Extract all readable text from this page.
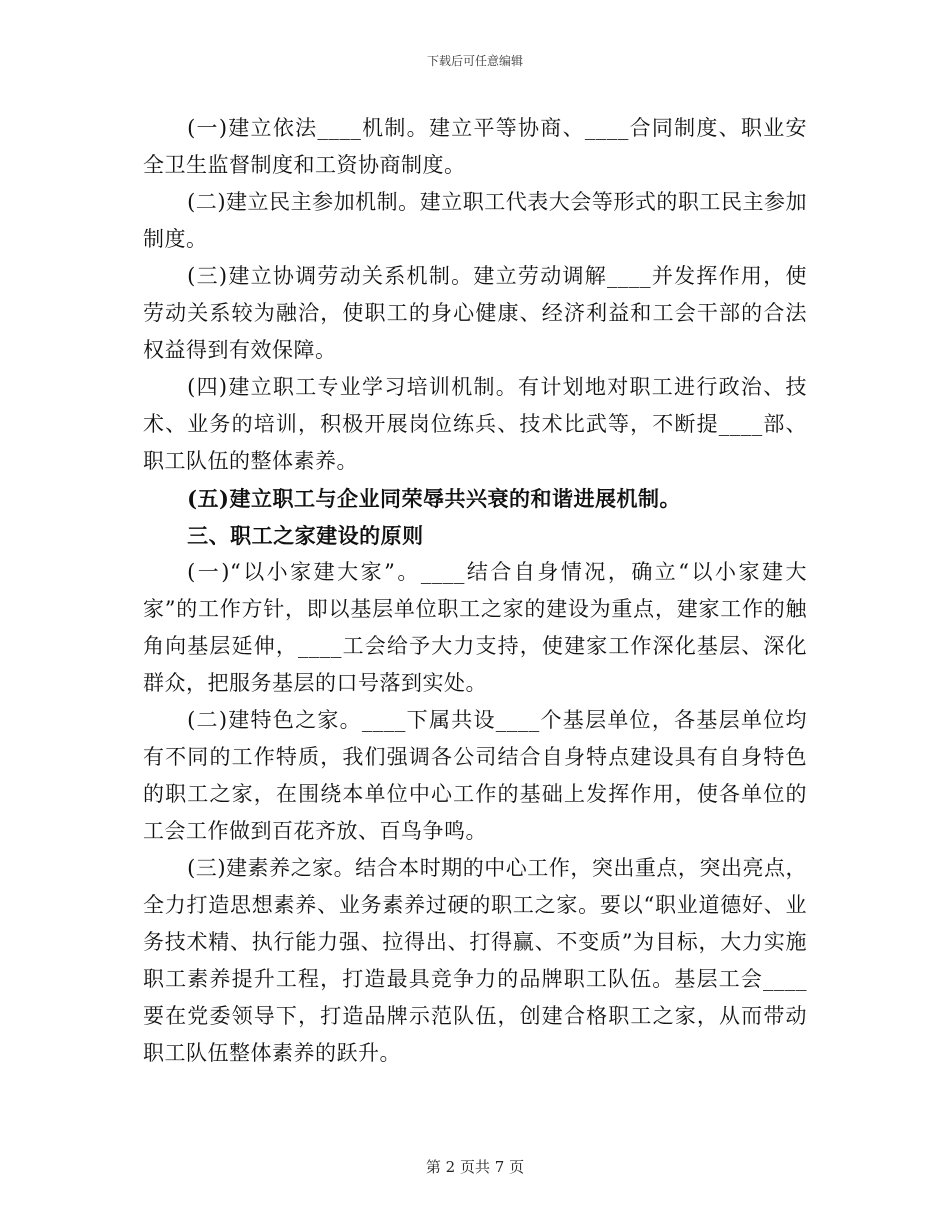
下载后可任意编辑

(一)建立依法____机制。建立平等协商、____合同制度、职业安全卫生监督制度和工资协商制度。

(二)建立民主参加机制。建立职工代表大会等形式的职工民主参加制度。

(三)建立协调劳动关系机制。建立劳动调解____并发挥作用，使劳动关系较为融洽，使职工的身心健康、经济利益和工会干部的合法权益得到有效保障。

(四)建立职工专业学习培训机制。有计划地对职工进行政治、技术、业务的培训，积极开展岗位练兵、技术比武等，不断提____部、职工队伍的整体素养。

(五)建立职工与企业同荣辱共兴衰的和谐进展机制。

三、职工之家建设的原则

(一)“以小家建大家”。____结合自身情况，确立“以小家建大家”的工作方针，即以基层单位职工之家的建设为重点，建家工作的触角向基层延伸，____工会给予大力支持，使建家工作深化基层、深化群众，把服务基层的口号落到实处。

(二)建特色之家。____下属共设____个基层单位，各基层单位均有不同的工作特质，我们强调各公司结合自身特点建设具有自身特色的职工之家，在围绕本单位中心工作的基础上发挥作用，使各单位的工会工作做到百花齐放、百鸟争鸣。

(三)建素养之家。结合本时期的中心工作，突出重点，突出亮点，全力打造思想素养、业务素养过硬的职工之家。要以“职业道德好、业务技术精、执行能力强、拉得出、打得赢、不变质”为目标，大力实施职工素养提升工程，打造最具竞争力的品牌职工队伍。基层工会____要在党委领导下，打造品牌示范队伍，创建合格职工之家，从而带动职工队伍整体素养的跃升。

第 2 页共 7 页
